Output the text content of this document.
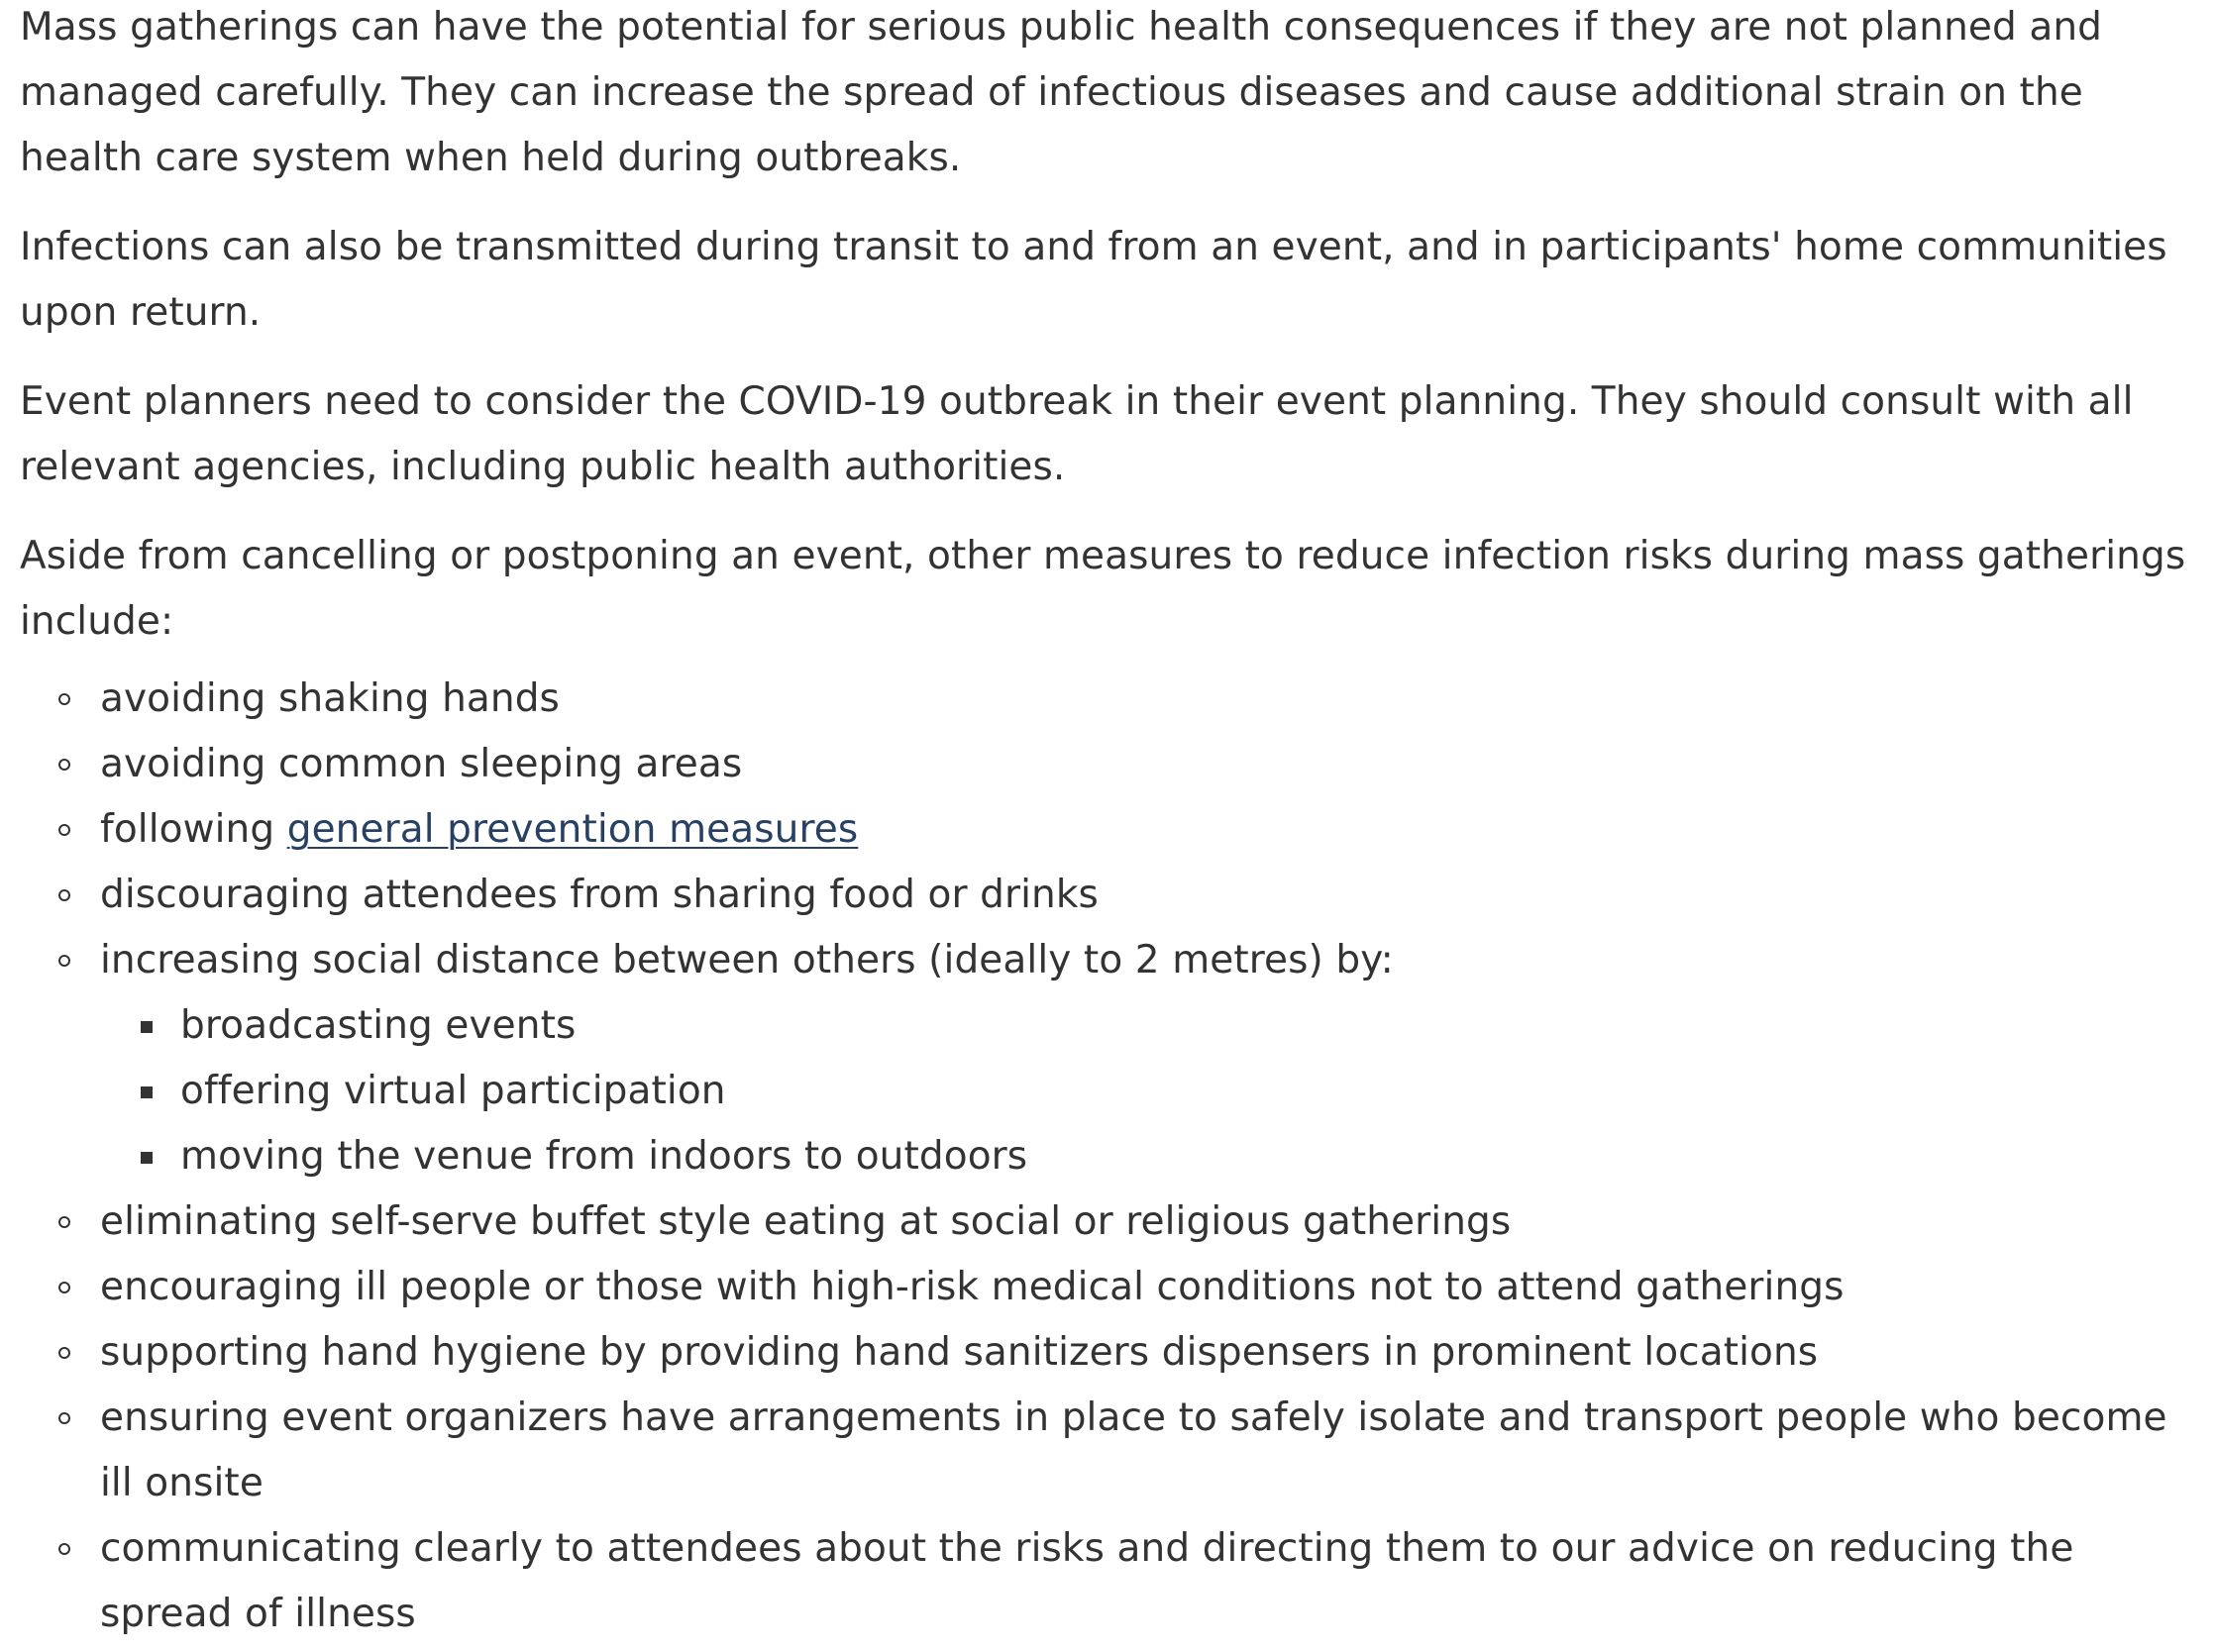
Mass gatherings can have the potential for serious public health consequences if they are not planned and managed carefully. They can increase the spread of infectious diseases and cause additional strain on the health care system when held during outbreaks.

Infections can also be transmitted during transit to and from an event, and in participants' home communities upon return.

Event planners need to consider the COVID-19 outbreak in their event planning. They should consult with all relevant agencies, including public health authorities.

Aside from cancelling or postponing an event, other measures to reduce infection risks during mass gatherings include:

avoiding shaking hands
avoiding common sleeping areas
following general prevention measures
discouraging attendees from sharing food or drinks
increasing social distance between others (ideally to 2 metres) by:
broadcasting events
offering virtual participation
moving the venue from indoors to outdoors
eliminating self-serve buffet style eating at social or religious gatherings
encouraging ill people or those with high-risk medical conditions not to attend gatherings
supporting hand hygiene by providing hand sanitizers dispensers in prominent locations
ensuring event organizers have arrangements in place to safely isolate and transport people who become ill onsite
communicating clearly to attendees about the risks and directing them to our advice on reducing the spread of illness
